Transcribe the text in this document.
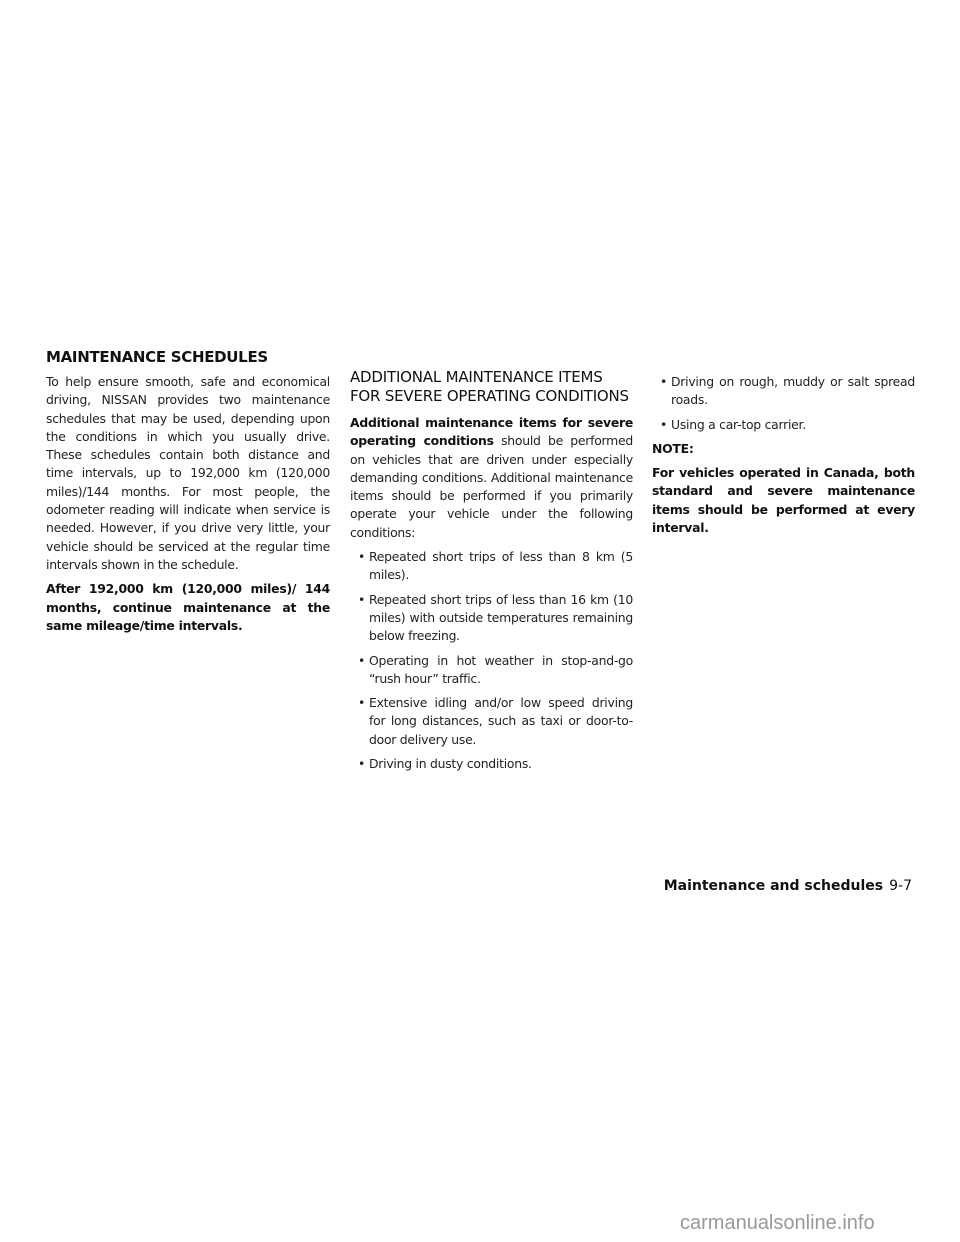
MAINTENANCE SCHEDULES

To help ensure smooth, safe and economical driving, NISSAN provides two maintenance schedules that may be used, depending upon the conditions in which you usually drive. These schedules contain both distance and time intervals, up to 192,000 km (120,000 miles)/144 months. For most people, the odometer reading will indicate when service is needed. However, if you drive very little, your vehicle should be serviced at the regular time intervals shown in the schedule.

After 192,000 km (120,000 miles)/ 144 months, continue maintenance at the same mileage/time intervals.

ADDITIONAL MAINTENANCE ITEMS FOR SEVERE OPERATING CONDITIONS

Additional maintenance items for severe operating conditions should be performed on vehicles that are driven under especially demanding conditions. Additional maintenance items should be performed if you primarily operate your vehicle under the following conditions:

• Repeated short trips of less than 8 km (5 miles).
• Repeated short trips of less than 16 km (10 miles) with outside temperatures remaining below freezing.
• Operating in hot weather in stop-and-go “rush hour” traffic.
• Extensive idling and/or low speed driving for long distances, such as taxi or door-to-door delivery use.
• Driving in dusty conditions.
• Driving on rough, muddy or salt spread roads.
• Using a car-top carrier.

NOTE:

For vehicles operated in Canada, both standard and severe maintenance items should be performed at every interval.

Maintenance and schedules 9-7
carmanualsonline.info
